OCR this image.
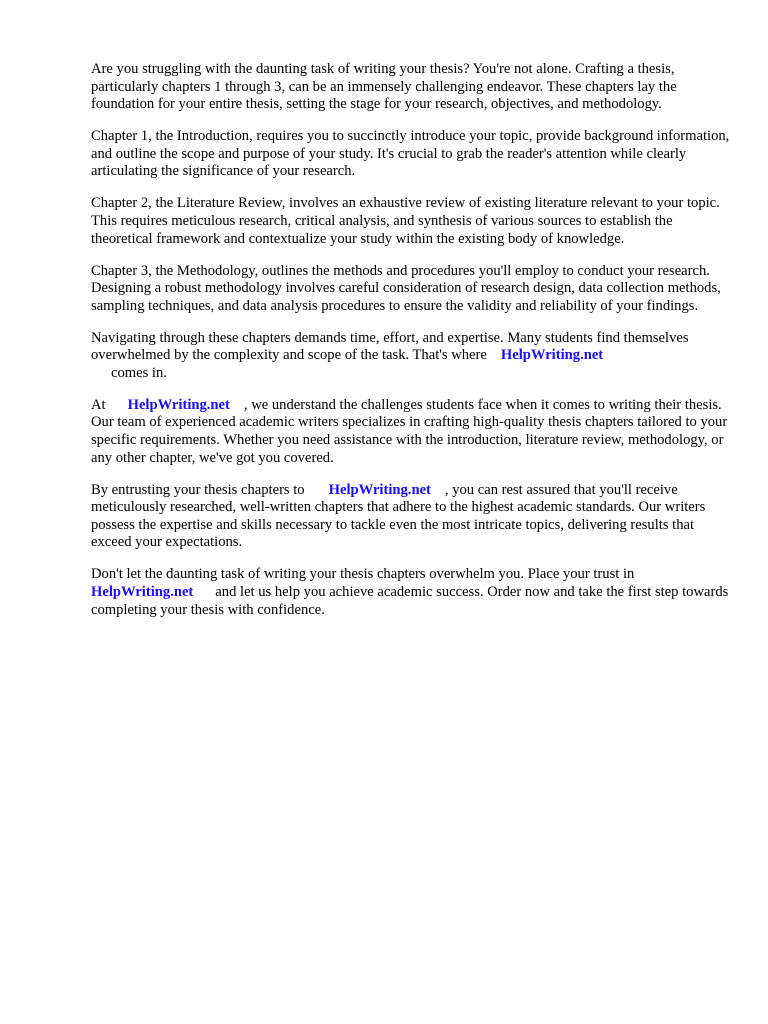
Are you struggling with the daunting task of writing your thesis? You're not alone. Crafting a thesis, particularly chapters 1 through 3, can be an immensely challenging endeavor. These chapters lay the foundation for your entire thesis, setting the stage for your research, objectives, and methodology.

Chapter 1, the Introduction, requires you to succinctly introduce your topic, provide background information, and outline the scope and purpose of your study. It's crucial to grab the reader's attention while clearly articulating the significance of your research.

Chapter 2, the Literature Review, involves an exhaustive review of existing literature relevant to your topic. This requires meticulous research, critical analysis, and synthesis of various sources to establish the theoretical framework and contextualize your study within the existing body of knowledge.

Chapter 3, the Methodology, outlines the methods and procedures you'll employ to conduct your research. Designing a robust methodology involves careful consideration of research design, data collection methods, sampling techniques, and data analysis procedures to ensure the validity and reliability of your findings.

Navigating through these chapters demands time, effort, and expertise. Many students find themselves overwhelmed by the complexity and scope of the task. That's where HelpWriting.net
comes in.

At HelpWriting.net , we understand the challenges students face when it comes to writing their thesis. Our team of experienced academic writers specializes in crafting high-quality thesis chapters tailored to your specific requirements. Whether you need assistance with the introduction, literature review, methodology, or any other chapter, we've got you covered.

By entrusting your thesis chapters to HelpWriting.net , you can rest assured that you'll receive meticulously researched, well-written chapters that adhere to the highest academic standards. Our writers possess the expertise and skills necessary to tackle even the most intricate topics, delivering results that exceed your expectations.

Don't let the daunting task of writing your thesis chapters overwhelm you. Place your trust in HelpWriting.net and let us help you achieve academic success. Order now and take the first step towards completing your thesis with confidence.
